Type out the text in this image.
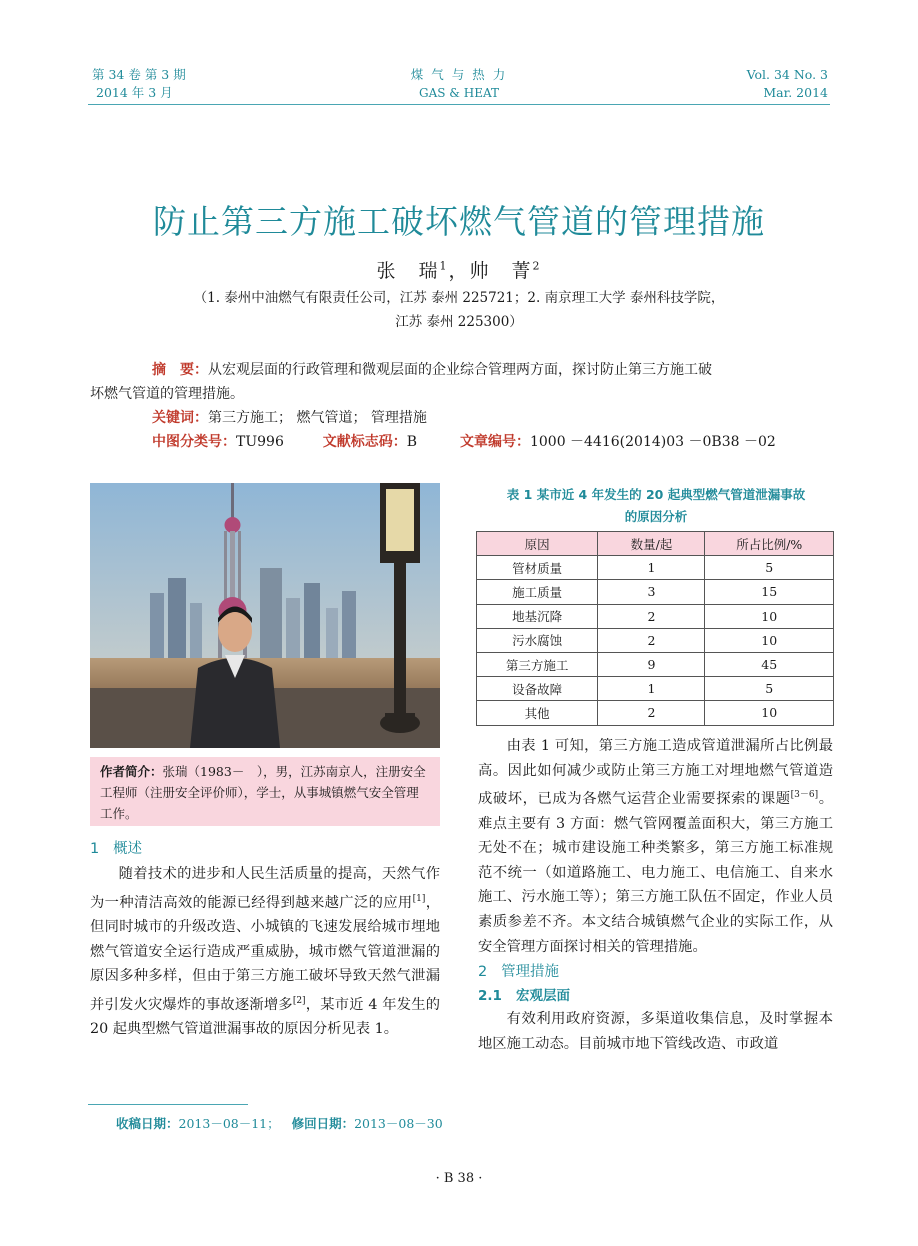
第 34 卷 第 3 期
2014 年 3 月
煤 气 与 热 力
GAS & HEAT
Vol. 34 No. 3
Mar. 2014
防止第三方施工破坏燃气管道的管理措施
张　瑞$^1$，帅　菁$^2$
（1. 泰州中油燃气有限责任公司，江苏 泰州 225721；2. 南京理工大学 泰州科技学院，
江苏 泰州 225300）
摘　要：从宏观层面的行政管理和微观层面的企业综合管理两方面，探讨防止第三方施工破
坏燃气管道的管理措施。
关键词：第三方施工； 燃气管道； 管理措施
中图分类号：TU996	文献标志码：B	文章编号：1000 －4416(2014)03 －0B38 －02
作者简介：张瑞（1983－　），男，江苏南京人，注册安全工程师（注册安全评价师），学士，从事城镇燃气安全管理工作。
1 概述

随着技术的进步和人民生活质量的提高，天然气作为一种清洁高效的能源已经得到越来越广泛的应用[1]，但同时城市的升级改造、小城镇的飞速发展给城市埋地燃气管道安全运行造成严重威胁，城市燃气管道泄漏的原因多种多样，但由于第三方施工破坏导致天然气泄漏并引发火灾爆炸的事故逐渐增多[2]，某市近 4 年发生的 20 起典型燃气管道泄漏事故的原因分析见表 1。

表 1 某市近 4 年发生的 20 起典型燃气管道泄漏事故
的原因分析
原因	数量/起	所占比例/%
管材质量	1	5
施工质量	3	15
地基沉降	2	10
污水腐蚀	2	10
第三方施工	9	45
设备故障	1	5
其他	2	10

由表 1 可知，第三方施工造成管道泄漏所占比例最高。因此如何减少或防止第三方施工对埋地燃气管道造成破坏，已成为各燃气运营企业需要探索的课题[3－6]。难点主要有 3 方面：燃气管网覆盖面积大，第三方施工无处不在；城市建设施工种类繁多，第三方施工标准规范不统一（如道路施工、电力施工、电信施工、自来水施工、污水施工等）；第三方施工队伍不固定，作业人员素质参差不齐。本文结合城镇燃气企业的实际工作，从安全管理方面探讨相关的管理措施。

2 管理措施
2.1 宏观层面

有效利用政府资源，多渠道收集信息，及时掌握本地区施工动态。目前城市地下管线改造、市政道

收稿日期：2013－08－11； 修回日期：2013－08－30
· B 38 ·
